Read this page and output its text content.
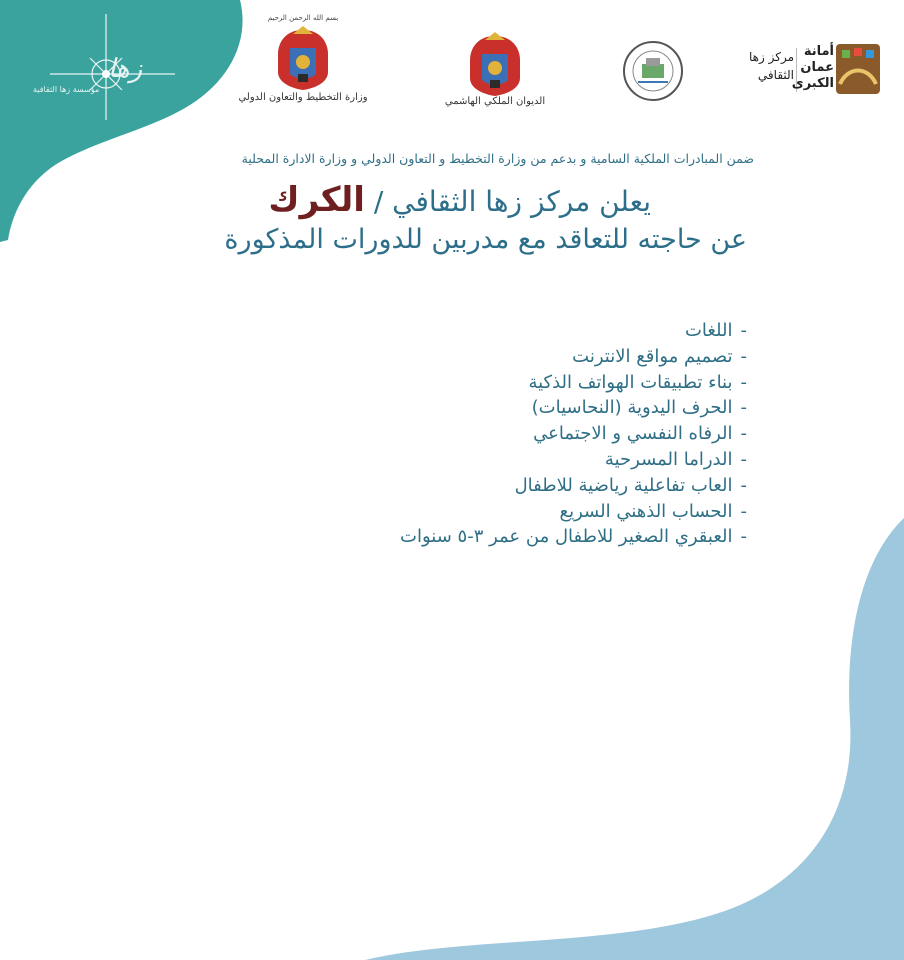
زها
مؤسسة زها الثقافية
بسم الله الرحمن الرحيم
وزارة التخطيط والتعاون الدولي	الديوان الملكي الهاشمي
مركز زها
الثقافي
أمانة
عمان
الكبرى
ضمن المبادرات الملكية السامية و بدعم من وزارة التخطيط و التعاون الدولي و وزارة الادارة المحلية
يعلن مركز زها الثقافي / الكرك
عن حاجته للتعاقد مع مدربين للدورات المذكورة
-اللغات
-تصميم مواقع الانترنت
-بناء تطبيقات الهواتف الذكية
-الحرف اليدوية (النحاسيات)
-الرفاه النفسي و الاجتماعي
-الدراما المسرحية
-العاب تفاعلية رياضية للاطفال
-الحساب الذهني السريع
-العبقري الصغير للاطفال من عمر ٣-٥ سنوات
